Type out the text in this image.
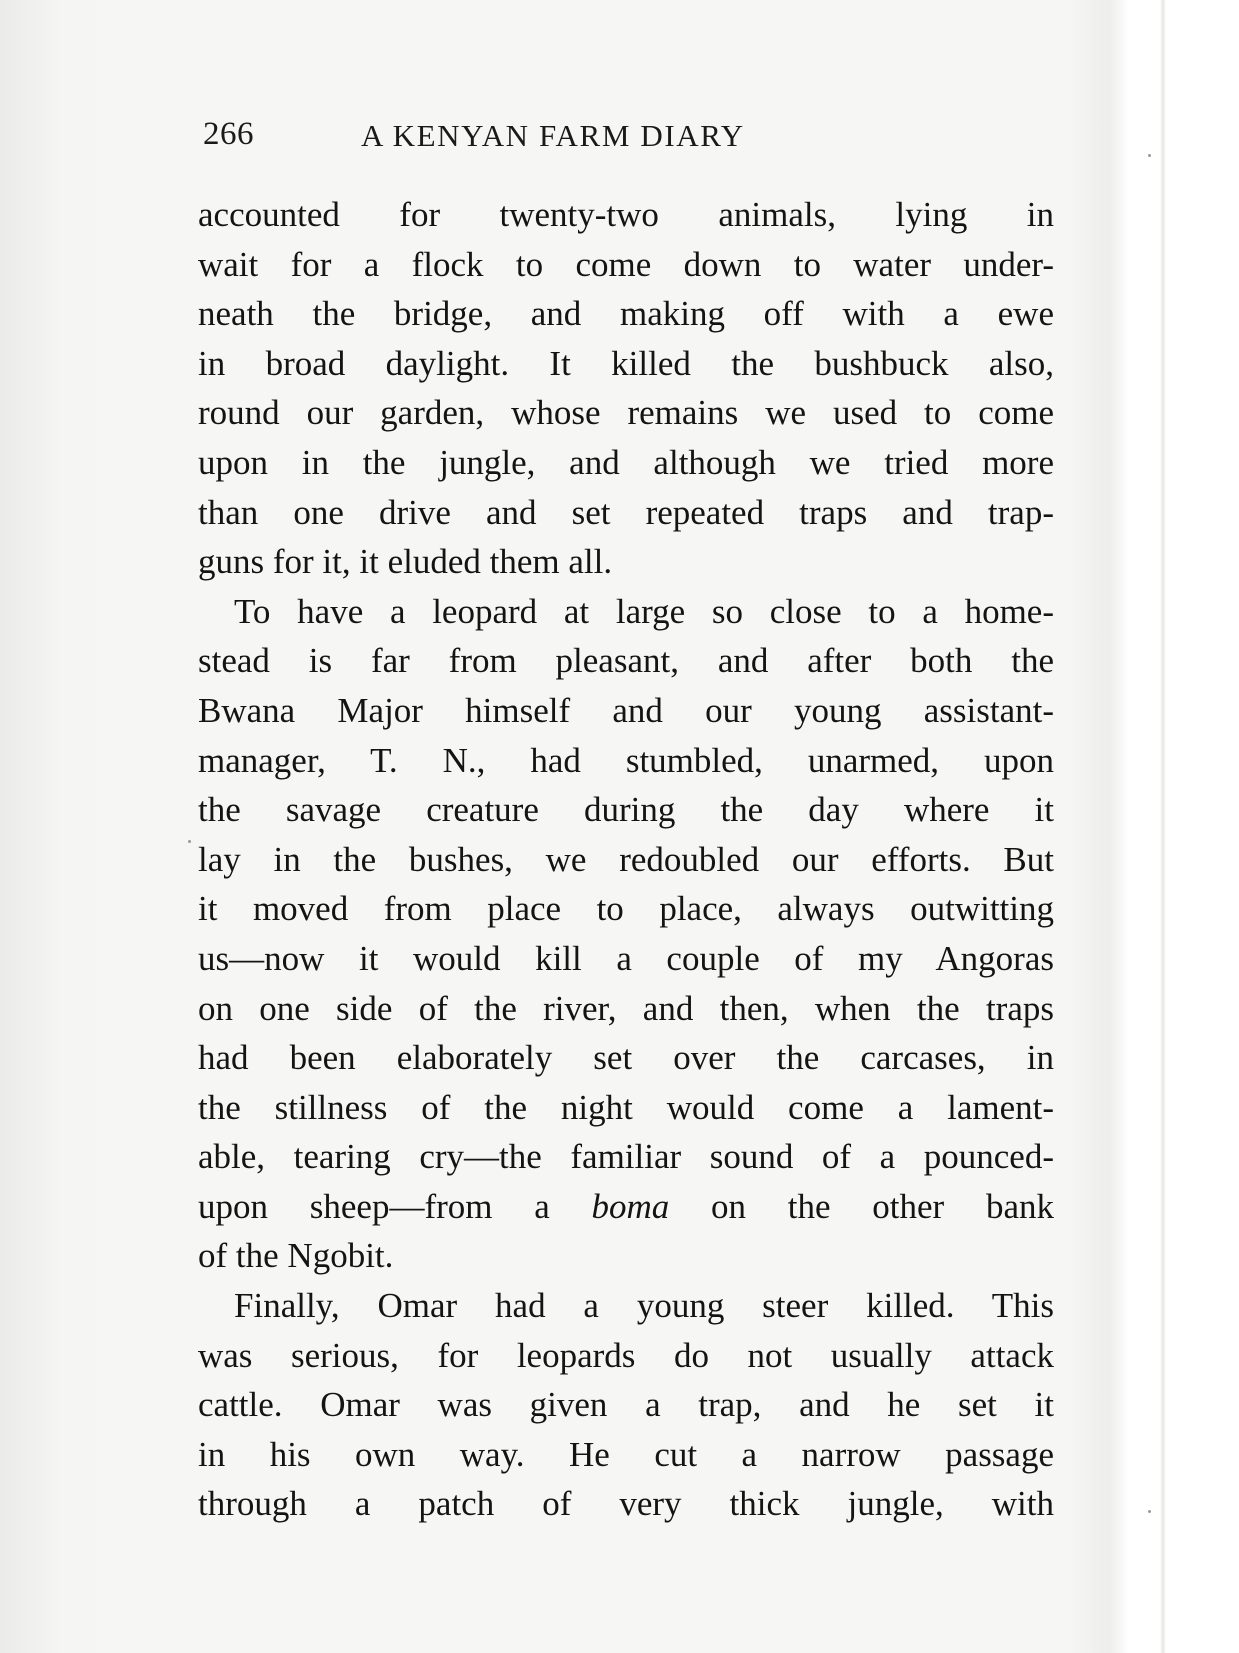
266	A KENYAN FARM DIARY
accounted for twenty-two animals, lying in
wait for a flock to come down to water under-
neath the bridge, and making off with a ewe
in broad daylight. It killed the bushbuck also,
round our garden, whose remains we used to come
upon in the jungle, and although we tried more
than one drive and set repeated traps and trap-
guns for it, it eluded them all.
To have a leopard at large so close to a home-
stead is far from pleasant, and after both the
Bwana Major himself and our young assistant-
manager, T. N., had stumbled, unarmed, upon
the savage creature during the day where it
lay in the bushes, we redoubled our efforts. But
it moved from place to place, always outwitting
us—now it would kill a couple of my Angoras
on one side of the river, and then, when the traps
had been elaborately set over the carcases, in
the stillness of the night would come a lament-
able, tearing cry—the familiar sound of a pounced-
upon sheep—from a boma on the other bank
of the Ngobit.
Finally, Omar had a young steer killed. This
was serious, for leopards do not usually attack
cattle. Omar was given a trap, and he set it
in his own way. He cut a narrow passage
through a patch of very thick jungle, with
